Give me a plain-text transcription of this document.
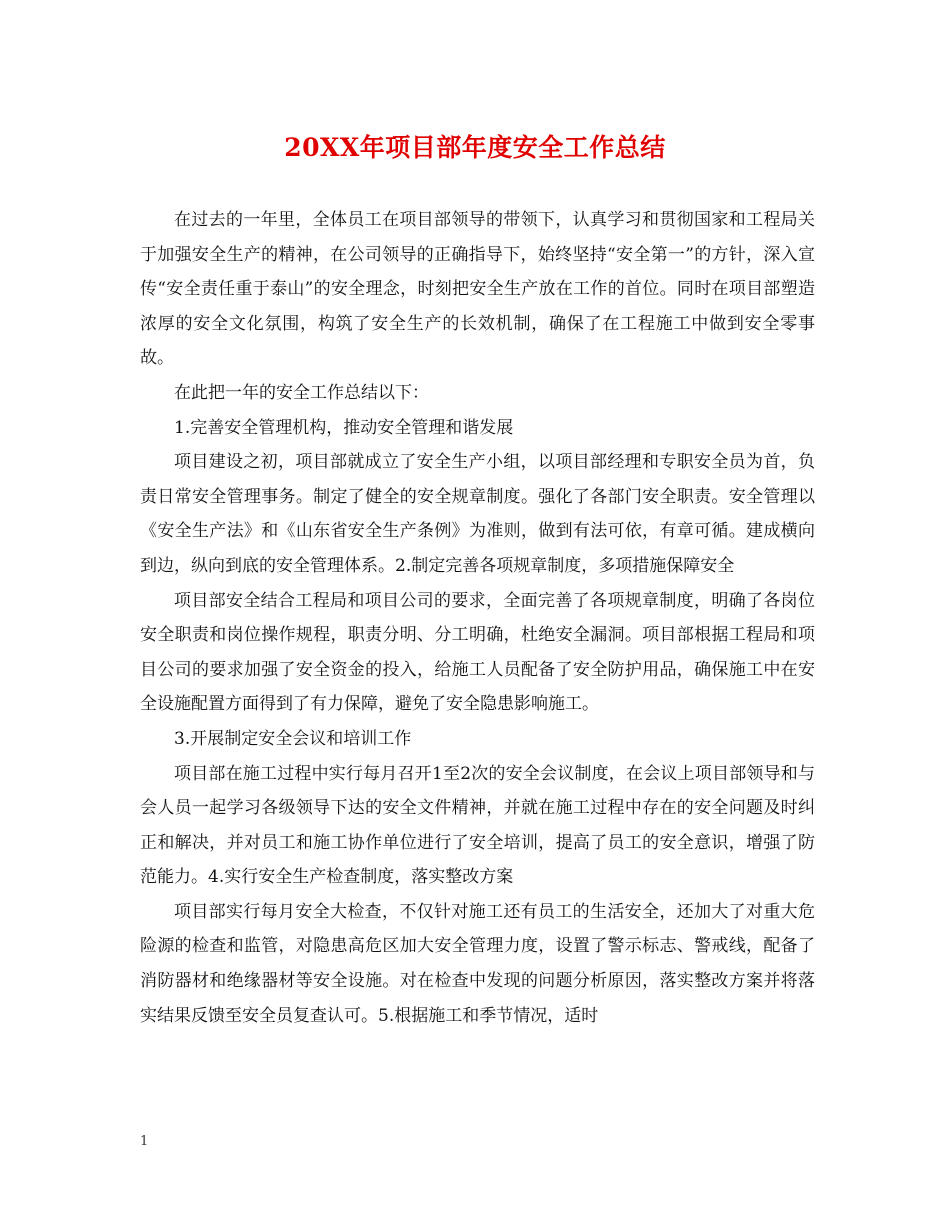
20XX年项目部年度安全工作总结

在过去的一年里，全体员工在项目部领导的带领下，认真学习和贯彻国家和工程局关于加强安全生产的精神，在公司领导的正确指导下，始终坚持“安全第一”的方针，深入宣传“安全责任重于泰山”的安全理念，时刻把安全生产放在工作的首位。同时在项目部塑造浓厚的安全文化氛围，构筑了安全生产的长效机制，确保了在工程施工中做到安全零事故。

在此把一年的安全工作总结以下：

1.完善安全管理机构，推动安全管理和谐发展

项目建设之初，项目部就成立了安全生产小组，以项目部经理和专职安全员为首，负责日常安全管理事务。制定了健全的安全规章制度。强化了各部门安全职责。安全管理以《安全生产法》和《山东省安全生产条例》为准则，做到有法可依，有章可循。建成横向到边，纵向到底的安全管理体系。2.制定完善各项规章制度，多项措施保障安全

项目部安全结合工程局和项目公司的要求，全面完善了各项规章制度，明确了各岗位安全职责和岗位操作规程，职责分明、分工明确，杜绝安全漏洞。项目部根据工程局和项目公司的要求加强了安全资金的投入，给施工人员配备了安全防护用品，确保施工中在安全设施配置方面得到了有力保障，避免了安全隐患影响施工。

3.开展制定安全会议和培训工作

项目部在施工过程中实行每月召开1至2次的安全会议制度，在会议上项目部领导和与会人员一起学习各级领导下达的安全文件精神，并就在施工过程中存在的安全问题及时纠正和解决，并对员工和施工协作单位进行了安全培训，提高了员工的安全意识，增强了防范能力。4.实行安全生产检查制度，落实整改方案

项目部实行每月安全大检查，不仅针对施工还有员工的生活安全，还加大了对重大危险源的检查和监管，对隐患高危区加大安全管理力度，设置了警示标志、警戒线，配备了消防器材和绝缘器材等安全设施。对在检查中发现的问题分析原因，落实整改方案并将落实结果反馈至安全员复查认可。5.根据施工和季节情况，适时

1
